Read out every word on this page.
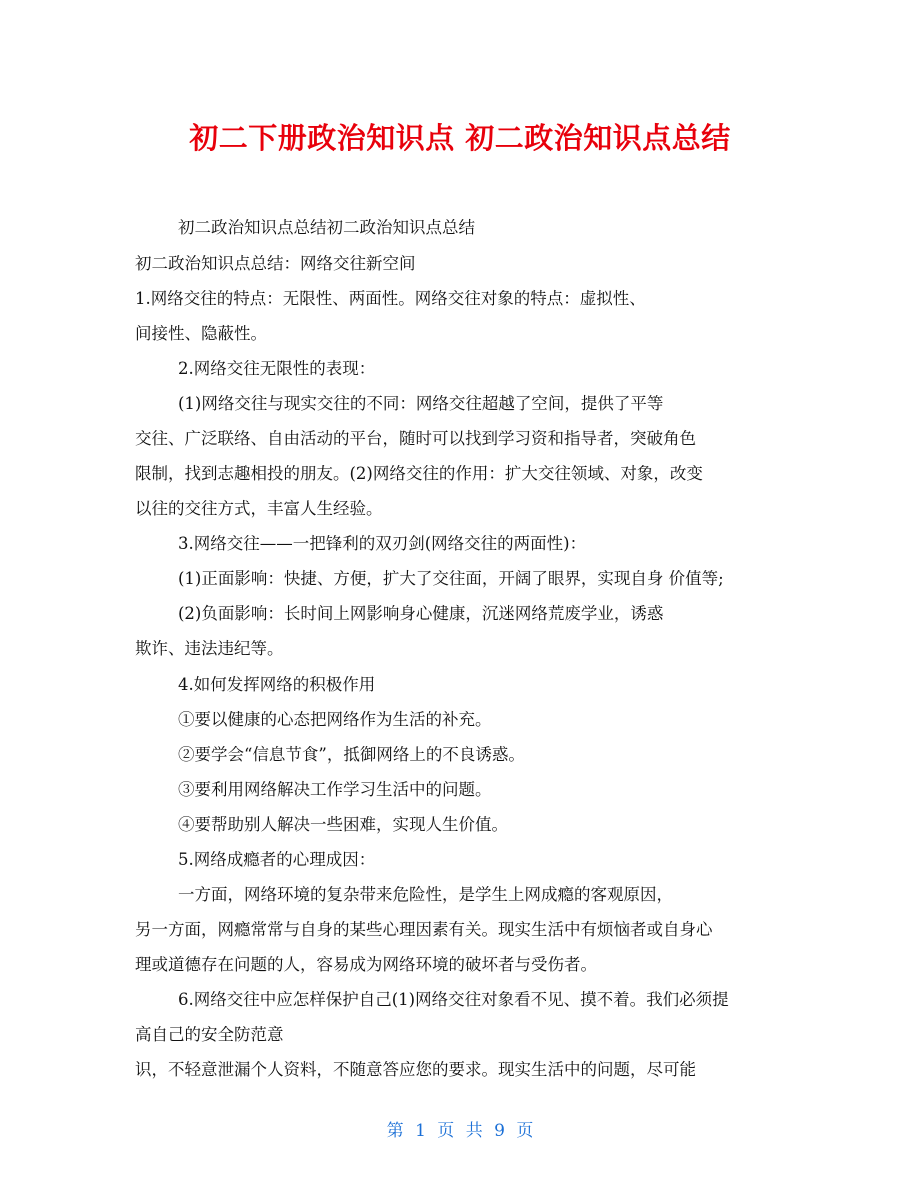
初二下册政治知识点 初二政治知识点总结
初二政治知识点总结初二政治知识点总结
初二政治知识点总结：网络交往新空间
1.网络交往的特点：无限性、两面性。网络交往对象的特点：虚拟性、
间接性、隐蔽性。
2.网络交往无限性的表现：
(1)网络交往与现实交往的不同：网络交往超越了空间，提供了平等
交往、广泛联络、自由活动的平台，随时可以找到学习资和指导者，突破角色
限制，找到志趣相投的朋友。(2)网络交往的作用：扩大交往领域、对象，改变
以往的交往方式，丰富人生经验。
3.网络交往——一把锋利的双刃剑(网络交往的两面性)：
(1)正面影响：快捷、方便，扩大了交往面，开阔了眼界，实现自身 价值等;
(2)负面影响：长时间上网影响身心健康，沉迷网络荒废学业，诱惑
欺诈、违法违纪等。
4.如何发挥网络的积极作用
①要以健康的心态把网络作为生活的补充。
②要学会“信息节食”，抵御网络上的不良诱惑。
③要利用网络解决工作学习生活中的问题。
④要帮助别人解决一些困难，实现人生价值。
5.网络成瘾者的心理成因：
一方面，网络环境的复杂带来危险性，是学生上网成瘾的客观原因，
另一方面，网瘾常常与自身的某些心理因素有关。现实生活中有烦恼者或自身心
理或道德存在问题的人，容易成为网络环境的破坏者与受伤者。
6.网络交往中应怎样保护自己(1)网络交往对象看不见、摸不着。我们必须提
高自己的安全防范意
识，不轻意泄漏个人资料，不随意答应您的要求。现实生活中的问题，尽可能
第 1 页 共 9 页
